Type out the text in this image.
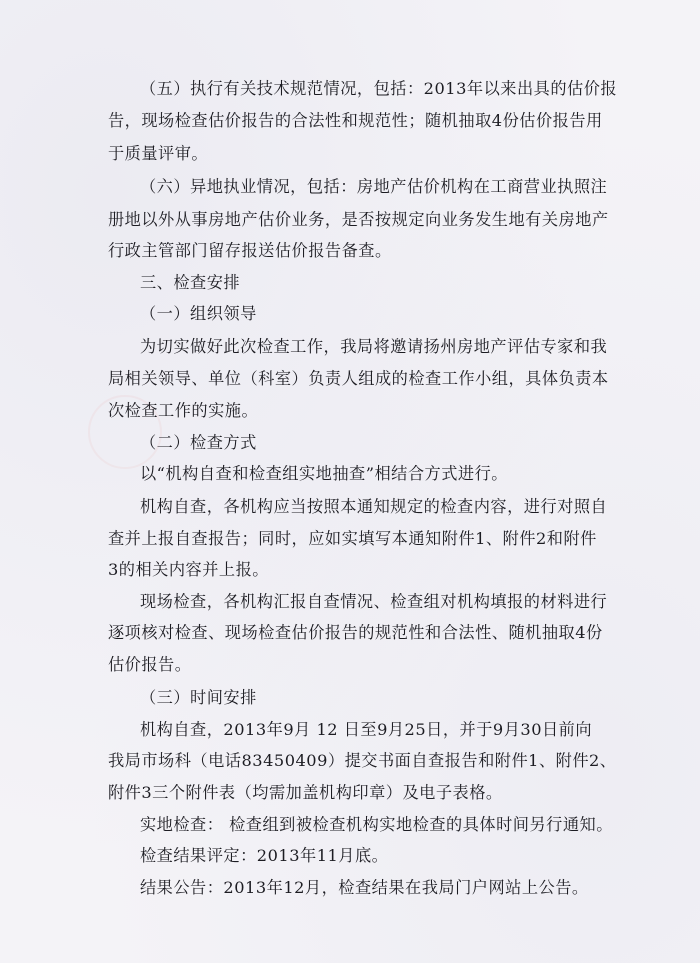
（五）执行有关技术规范情况，包括：2013年以来出具的估价报
告，现场检查估价报告的合法性和规范性；随机抽取4份估价报告用
于质量评审。
（六）异地执业情况，包括：房地产估价机构在工商营业执照注
册地以外从事房地产估价业务，是否按规定向业务发生地有关房地产
行政主管部门留存报送估价报告备查。
三、检查安排
（一）组织领导
为切实做好此次检查工作，我局将邀请扬州房地产评估专家和我
局相关领导、单位（科室）负责人组成的检查工作小组，具体负责本
次检查工作的实施。
（二）检查方式
以“机构自查和检查组实地抽查”相结合方式进行。
机构自查，各机构应当按照本通知规定的检查内容，进行对照自
查并上报自查报告；同时，应如实填写本通知附件1、附件2和附件
3的相关内容并上报。
现场检查，各机构汇报自查情况、检查组对机构填报的材料进行
逐项核对检查、现场检查估价报告的规范性和合法性、随机抽取4份
估价报告。
（三）时间安排
机构自查，2013年9月 12 日至9月25日，并于9月30日前向
我局市场科（电话83450409）提交书面自查报告和附件1、附件2、
附件3三个附件表（均需加盖机构印章）及电子表格。
实地检查： 检查组到被检查机构实地检查的具体时间另行通知。
检查结果评定：2013年11月底。
结果公告：2013年12月，检查结果在我局门户网站上公告。
